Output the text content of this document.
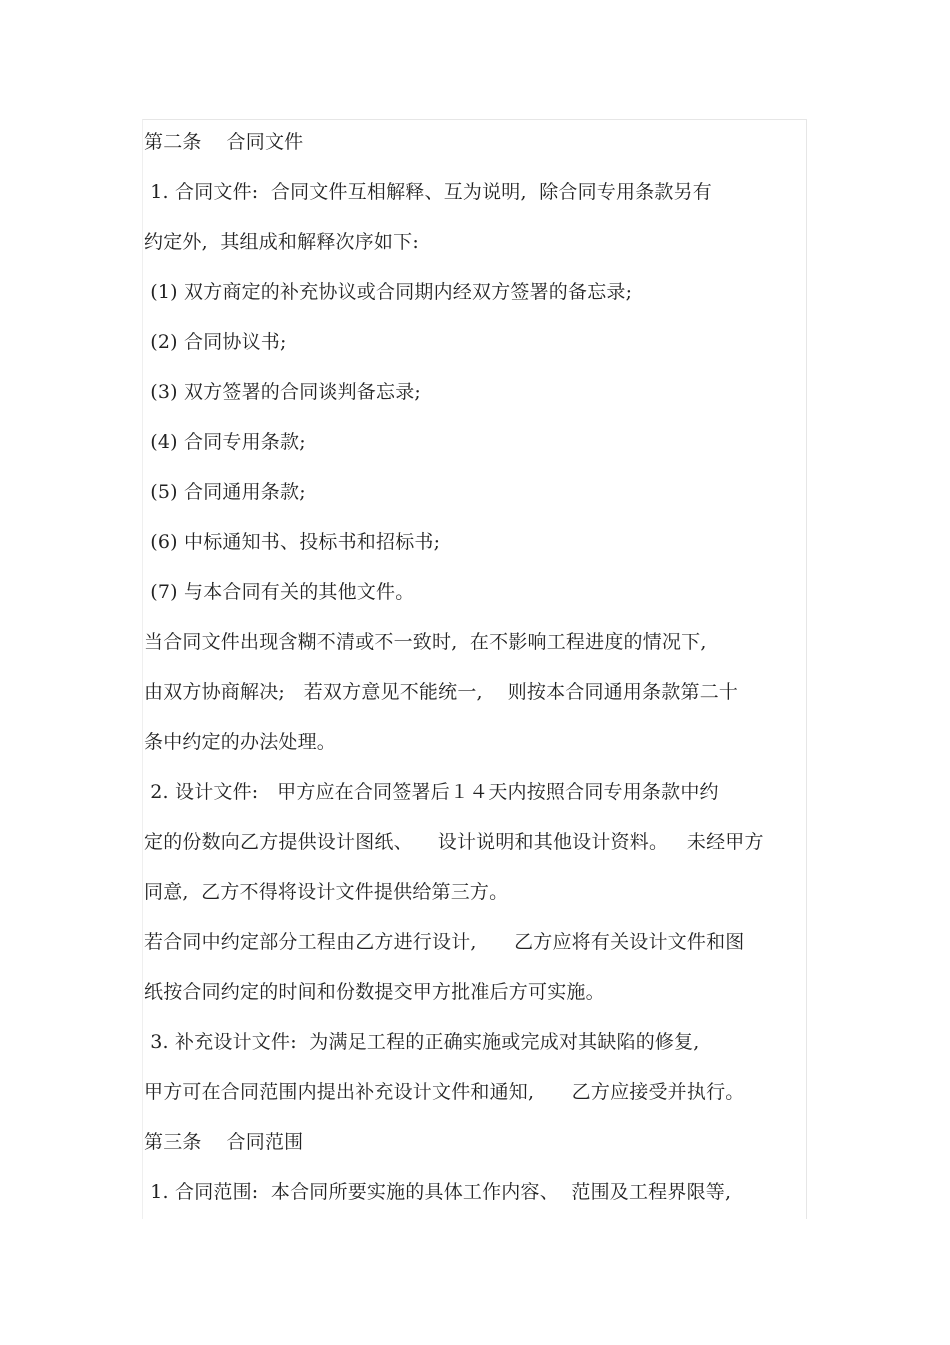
第二条    合同文件
1. 合同文件:  合同文件互相解释、互为说明,  除合同专用条款另有
约定外,  其组成和解释次序如下:
(1) 双方商定的补充协议或合同期内经双方签署的备忘录;
(2) 合同协议书;
(3) 双方签署的合同谈判备忘录;
(4) 合同专用条款;
(5) 合同通用条款;
(6) 中标通知书、投标书和招标书;
(7) 与本合同有关的其他文件。
当合同文件出现含糊不清或不一致时,  在不影响工程进度的情况下,
由双方协商解决;   若双方意见不能统一,    则按本合同通用条款第二十
条中约定的办法处理。
2. 设计文件:   甲方应在合同签署后１４天内按照合同专用条款中约
定的份数向乙方提供设计图纸、    设计说明和其他设计资料。   未经甲方
同意,  乙方不得将设计文件提供给第三方。
若合同中约定部分工程由乙方进行设计,      乙方应将有关设计文件和图
纸按合同约定的时间和份数提交甲方批准后方可实施。
3. 补充设计文件:  为满足工程的正确实施或完成对其缺陷的修复,
甲方可在合同范围内提出补充设计文件和通知,      乙方应接受并执行。
第三条    合同范围
1. 合同范围:  本合同所要实施的具体工作内容、  范围及工程界限等,
